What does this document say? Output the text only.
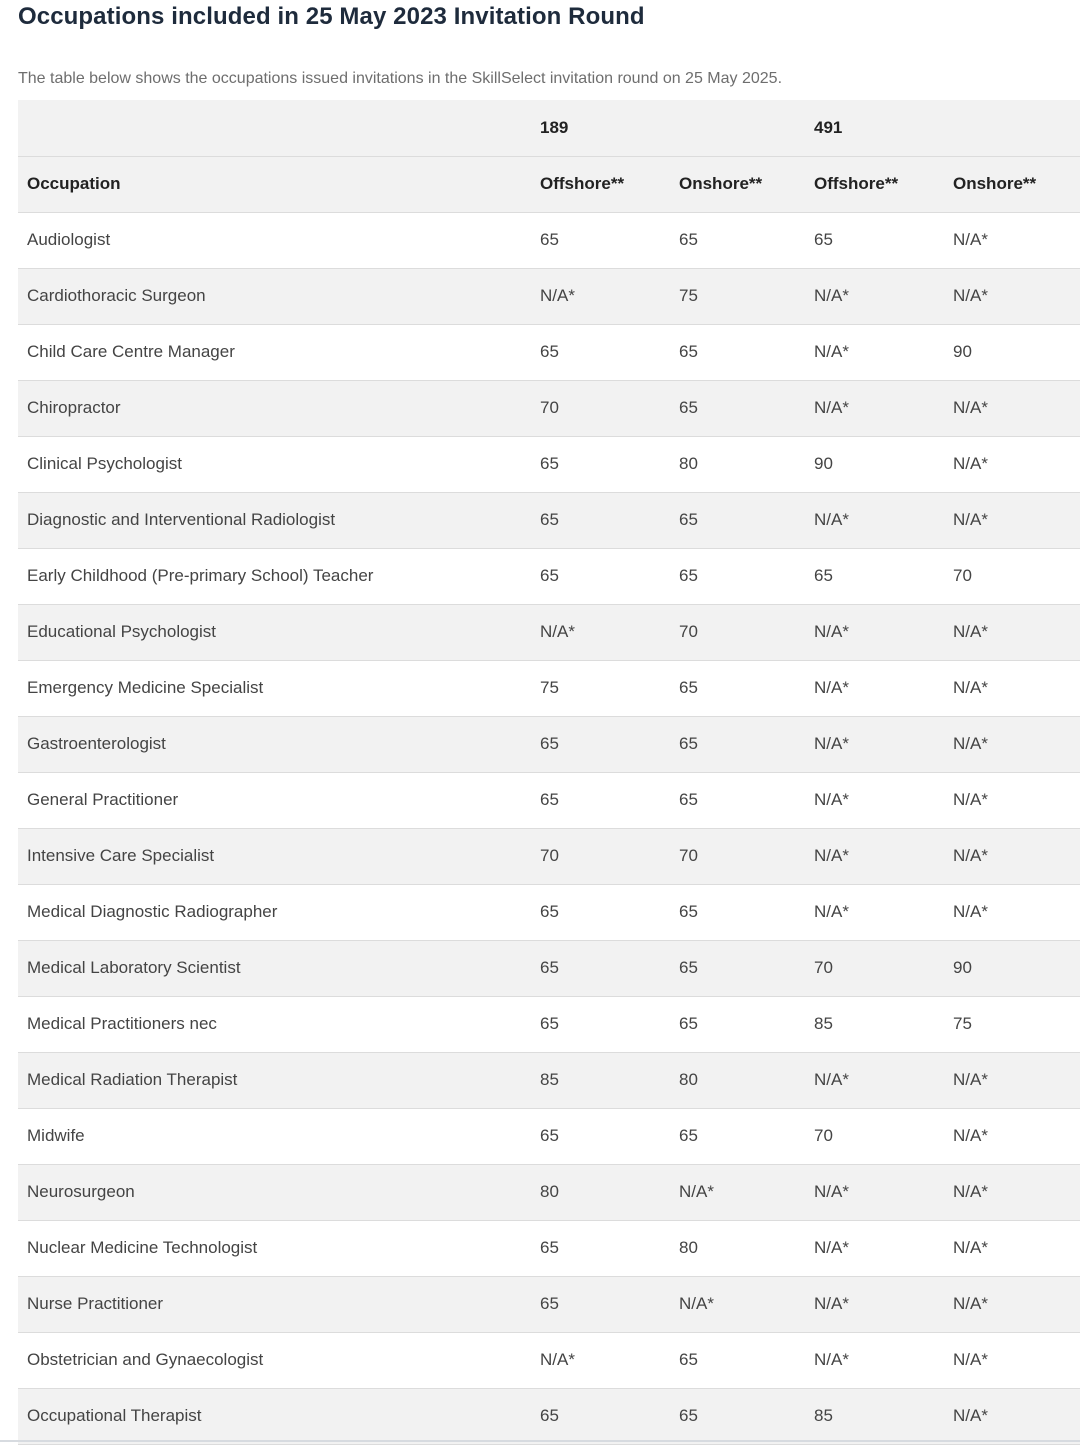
Occupations included in 25 May 2023 Invitation Round

The table below shows the occupations issued invitations in the SkillSelect invitation round on 25 May 2025.

	189		491	
Occupation	Offshore**	Onshore**	Offshore**	Onshore**
Audiologist	65	65	65	N/A*
Cardiothoracic Surgeon	N/A*	75	N/A*	N/A*
Child Care Centre Manager	65	65	N/A*	90
Chiropractor	70	65	N/A*	N/A*
Clinical Psychologist	65	80	90	N/A*
Diagnostic and Interventional Radiologist	65	65	N/A*	N/A*
Early Childhood (Pre-primary School) Teacher	65	65	65	70
Educational Psychologist	N/A*	70	N/A*	N/A*
Emergency Medicine Specialist	75	65	N/A*	N/A*
Gastroenterologist	65	65	N/A*	N/A*
General Practitioner	65	65	N/A*	N/A*
Intensive Care Specialist	70	70	N/A*	N/A*
Medical Diagnostic Radiographer	65	65	N/A*	N/A*
Medical Laboratory Scientist	65	65	70	90
Medical Practitioners nec	65	65	85	75
Medical Radiation Therapist	85	80	N/A*	N/A*
Midwife	65	65	70	N/A*
Neurosurgeon	80	N/A*	N/A*	N/A*
Nuclear Medicine Technologist	65	80	N/A*	N/A*
Nurse Practitioner	65	N/A*	N/A*	N/A*
Obstetrician and Gynaecologist	N/A*	65	N/A*	N/A*
Occupational Therapist	65	65	85	N/A*
